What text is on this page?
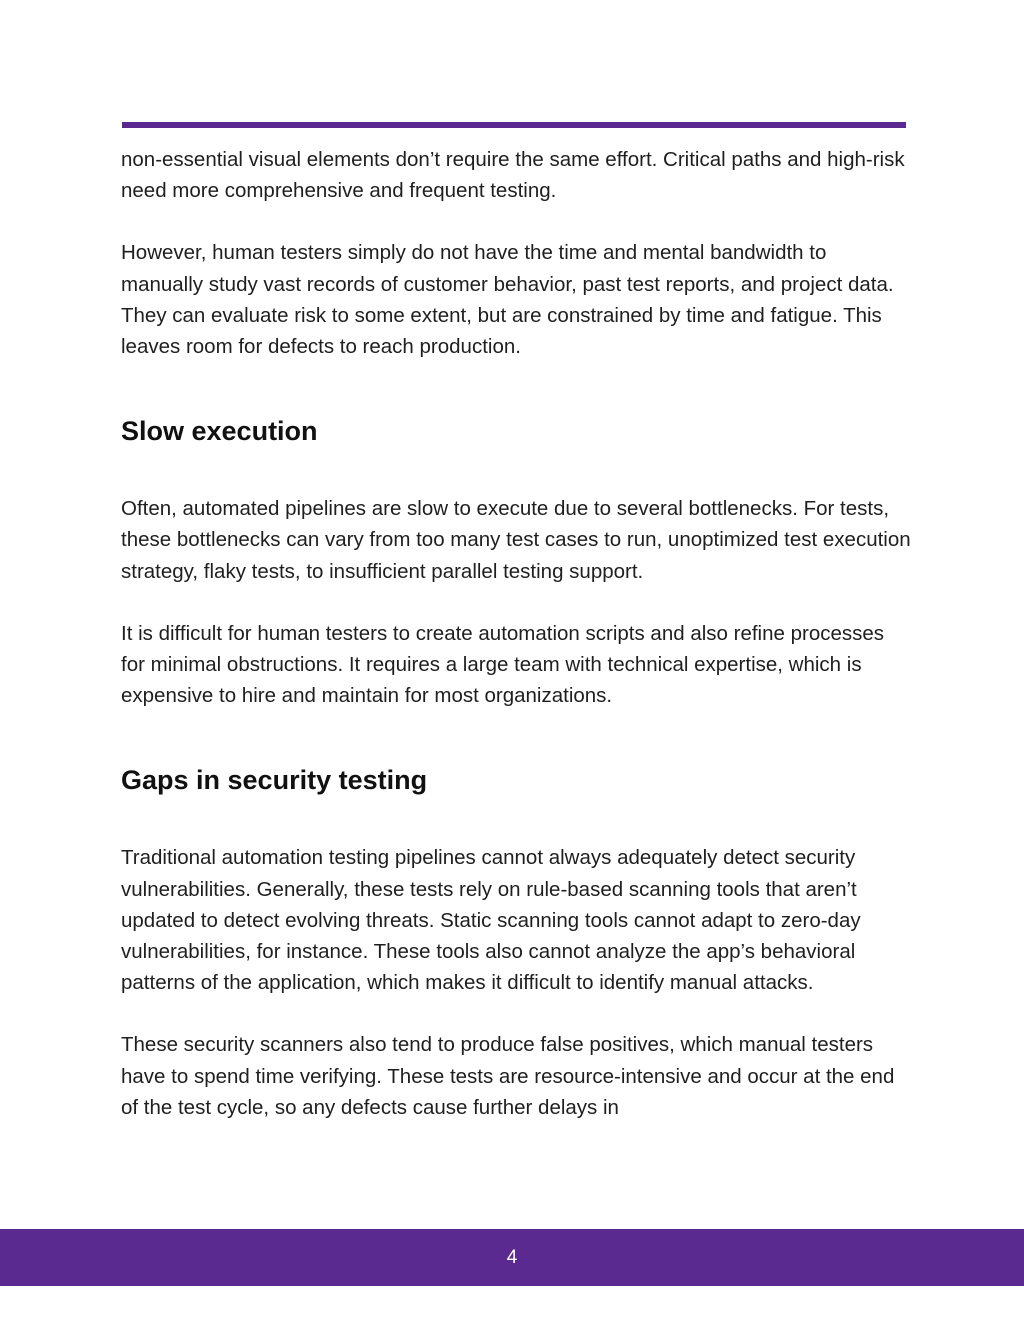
non-essential visual elements don’t require the same effort. Critical paths and high-risk need more comprehensive and frequent testing.

However, human testers simply do not have the time and mental bandwidth to manually study vast records of customer behavior, past test reports, and project data. They can evaluate risk to some extent, but are constrained by time and fatigue. This leaves room for defects to reach production.

Slow execution

Often, automated pipelines are slow to execute due to several bottlenecks. For tests, these bottlenecks can vary from too many test cases to run, unoptimized test execution strategy, flaky tests, to insufficient parallel testing support.

It is difficult for human testers to create automation scripts and also refine processes for minimal obstructions. It requires a large team with technical expertise, which is expensive to hire and maintain for most organizations.

Gaps in security testing

Traditional automation testing pipelines cannot always adequately detect security vulnerabilities. Generally, these tests rely on rule-based scanning tools that aren’t updated to detect evolving threats. Static scanning tools cannot adapt to zero-day vulnerabilities, for instance. These tools also cannot analyze the app’s behavioral patterns of the application, which makes it difficult to identify manual attacks.

These security scanners also tend to produce false positives, which manual testers have to spend time verifying. These tests are resource-intensive and occur at the end of the test cycle, so any defects cause further delays in

4
